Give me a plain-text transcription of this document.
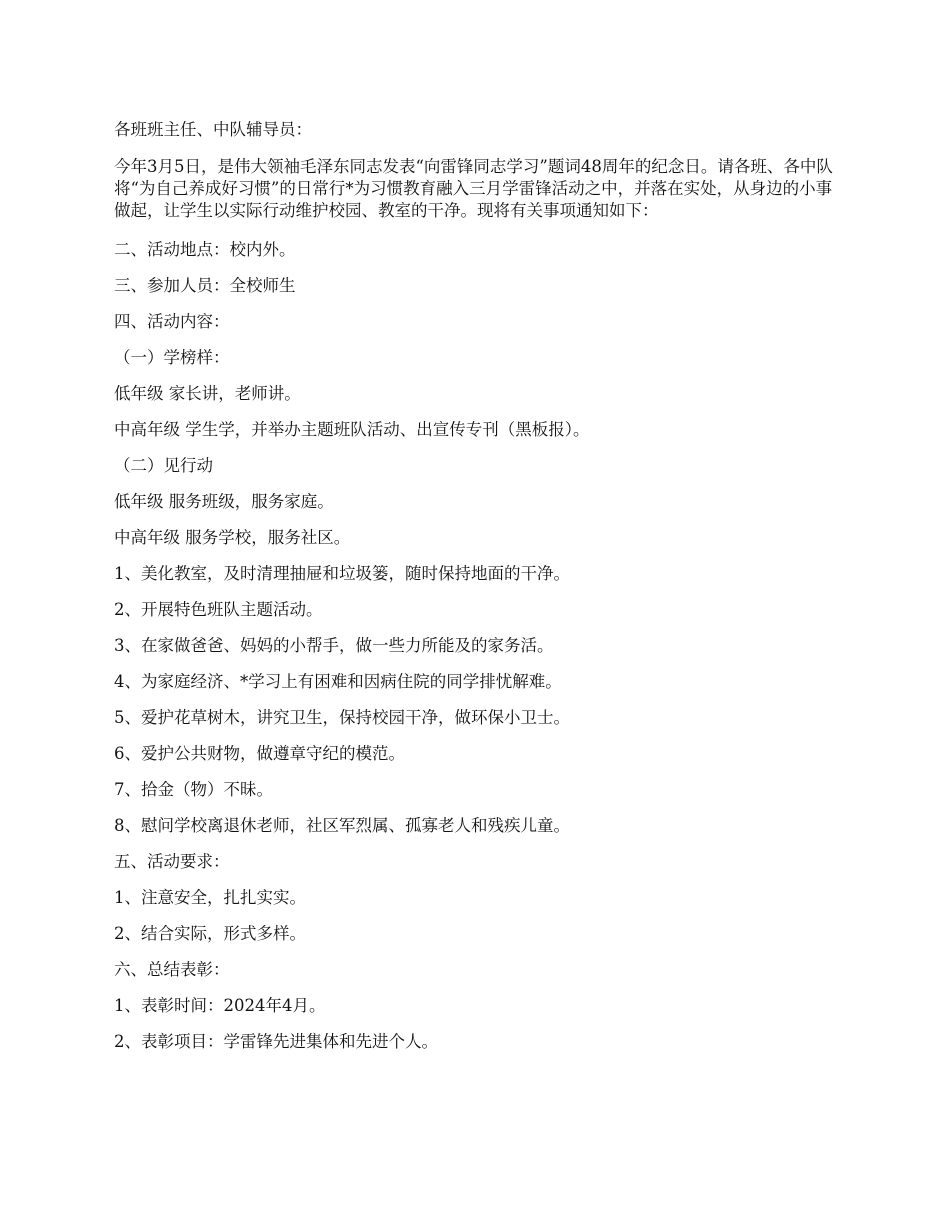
各班班主任、中队辅导员：

今年3月5日，是伟大领袖毛泽东同志发表“向雷锋同志学习”题词48周年的纪念日。请各班、各中队将“为自己养成好习惯”的日常行*为习惯教育融入三月学雷锋活动之中，并落在实处，从身边的小事做起，让学生以实际行动维护校园、教室的干净。现将有关事项通知如下：

二、活动地点：校内外。

三、参加人员：全校师生

四、活动内容：

（一）学榜样：

低年级 家长讲，老师讲。

中高年级 学生学，并举办主题班队活动、出宣传专刊（黑板报）。

（二）见行动

低年级 服务班级，服务家庭。

中高年级 服务学校，服务社区。

1、美化教室，及时清理抽屉和垃圾篓，随时保持地面的干净。

2、开展特色班队主题活动。

3、在家做爸爸、妈妈的小帮手，做一些力所能及的家务活。

4、为家庭经济、*学习上有困难和因病住院的同学排忧解难。

5、爱护花草树木，讲究卫生，保持校园干净，做环保小卫士。

6、爱护公共财物，做遵章守纪的模范。

7、拾金（物）不昧。

8、慰问学校离退休老师，社区军烈属、孤寡老人和残疾儿童。

五、活动要求：

1、注意安全，扎扎实实。

2、结合实际，形式多样。

六、总结表彰：

1、表彰时间：2024年4月。

2、表彰项目：学雷锋先进集体和先进个人。
